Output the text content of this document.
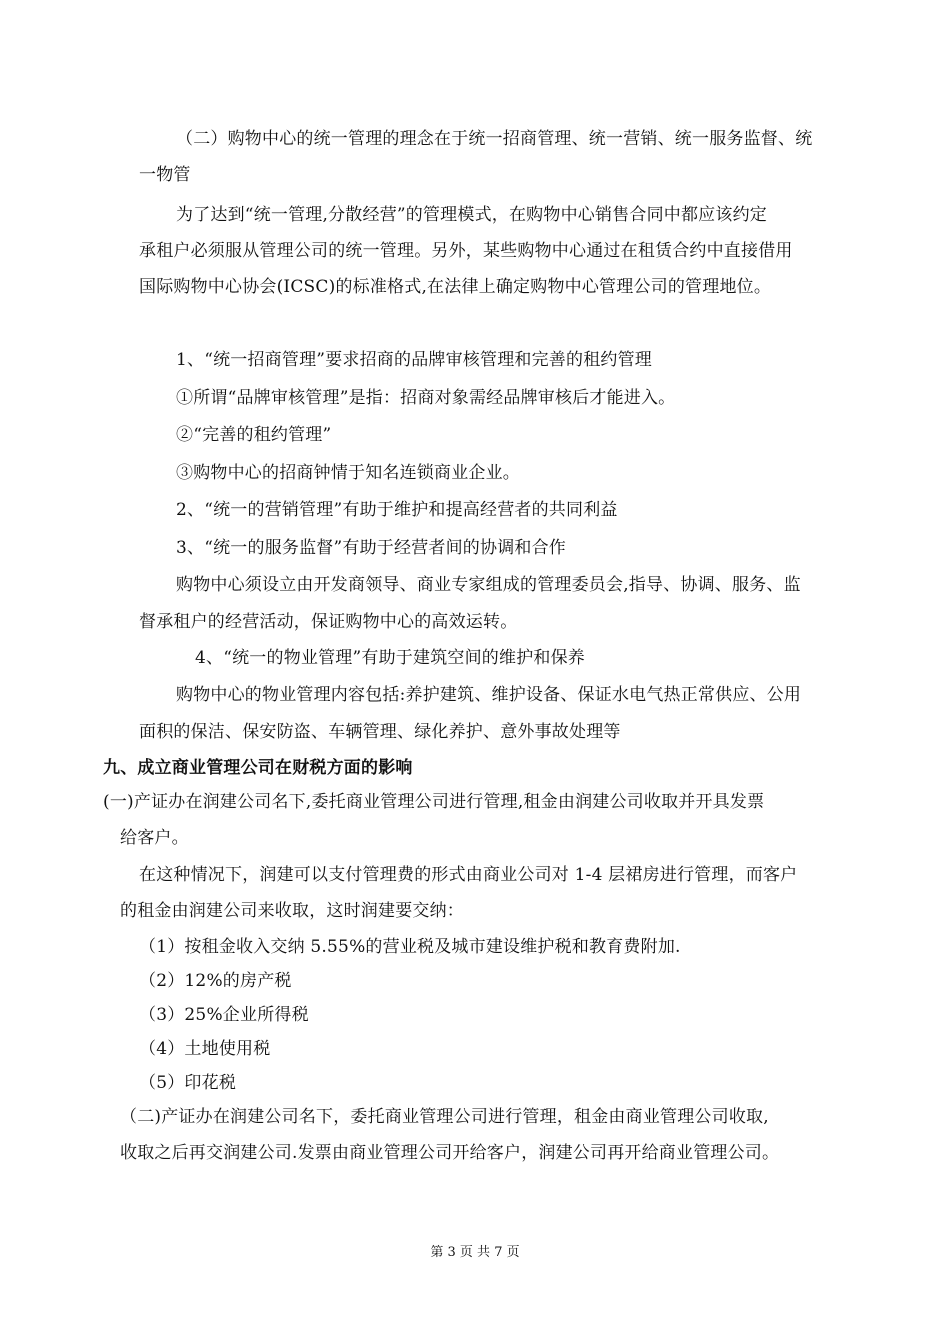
（二）购物中心的统一管理的理念在于统一招商管理、统一营销、统一服务监督、统
一物管
为了达到“统一管理,分散经营”的管理模式，在购物中心销售合同中都应该约定
承租户必须服从管理公司的统一管理。另外，某些购物中心通过在租赁合约中直接借用
国际购物中心协会(ICSC)的标准格式,在法律上确定购物中心管理公司的管理地位。
1、“统一招商管理”要求招商的品牌审核管理和完善的租约管理
①所谓“品牌审核管理”是指：招商对象需经品牌审核后才能进入。
②“完善的租约管理”
③购物中心的招商钟情于知名连锁商业企业。
2、“统一的营销管理”有助于维护和提高经营者的共同利益
3、“统一的服务监督”有助于经营者间的协调和合作
购物中心须设立由开发商领导、商业专家组成的管理委员会,指导、协调、服务、监
督承租户的经营活动，保证购物中心的高效运转。
4、“统一的物业管理”有助于建筑空间的维护和保养
购物中心的物业管理内容包括:养护建筑、维护设备、保证水电气热正常供应、公用
面积的保洁、保安防盗、车辆管理、绿化养护、意外事故处理等
九、成立商业管理公司在财税方面的影响
(一)产证办在润建公司名下,委托商业管理公司进行管理,租金由润建公司收取并开具发票
给客户。
在这种情况下，润建可以支付管理费的形式由商业公司对 1-4 层裙房进行管理，而客户
的租金由润建公司来收取，这时润建要交纳：
（1）按租金收入交纳 5.55%的营业税及城市建设维护税和教育费附加.
（2）12%的房产税
（3）25%企业所得税
（4）土地使用税
（5）印花税
（二)产证办在润建公司名下，委托商业管理公司进行管理，租金由商业管理公司收取,
收取之后再交润建公司.发票由商业管理公司开给客户，润建公司再开给商业管理公司。
第 3 页 共 7 页
